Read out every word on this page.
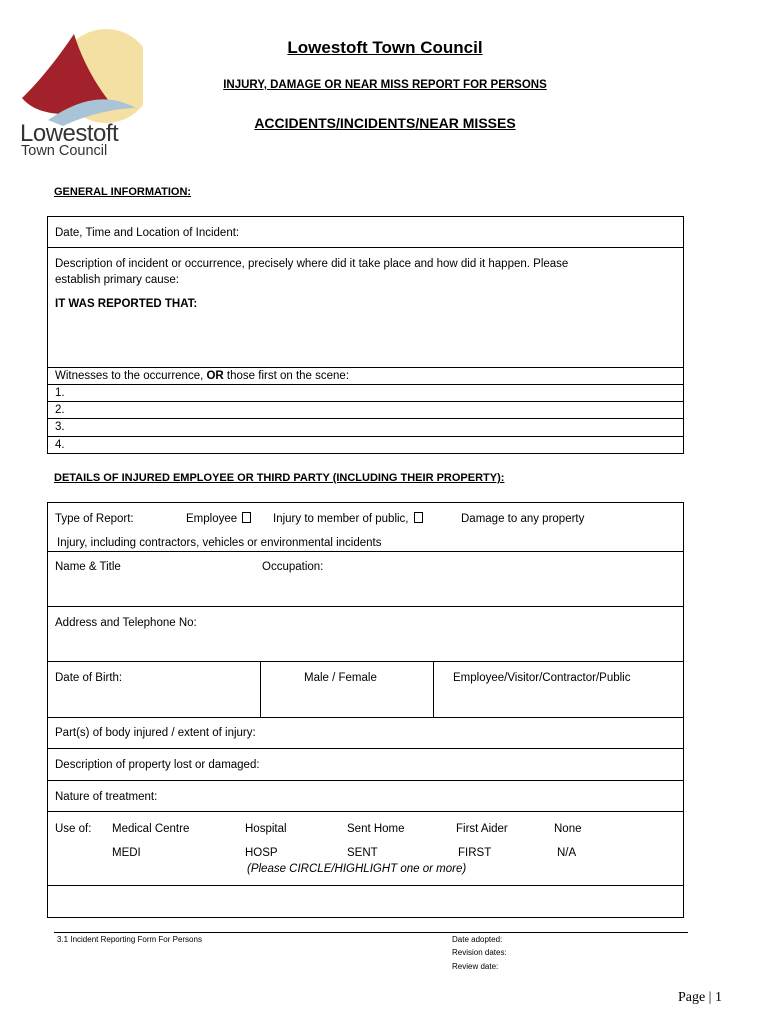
Lowestoft
Town Council
Lowestoft Town Council
INJURY, DAMAGE OR NEAR MISS REPORT FOR PERSONS
ACCIDENTS/INCIDENTS/NEAR MISSES
GENERAL INFORMATION:
Date, Time and Location of Incident:
Description of incident or occurrence, precisely where did it take place and how did it happen. Please
establish primary cause:
IT WAS REPORTED THAT:
Witnesses to the occurrence, OR those first on the scene:
1.
2.
3.
4.
DETAILS OF INJURED EMPLOYEE OR THIRD PARTY (INCLUDING THEIR PROPERTY):
Type of Report:	Employee	Injury to member of public,	Damage to any property
Injury, including contractors, vehicles or environmental incidents
Name & Title	Occupation:
Address and Telephone No:
Date of Birth:	Male / Female	Employee/Visitor/Contractor/Public
Part(s) of body injured / extent of injury:
Description of property lost or damaged:
Nature of treatment:
Use of: Medical Centre	Hospital	Sent Home	First Aider	None
MEDI	HOSP	SENT	FIRST	N/A
(Please CIRCLE/HIGHLIGHT one or more)
3.1 Incident Reporting Form For Persons	Date adopted:
Revision dates:
Review date:
Page | 1
